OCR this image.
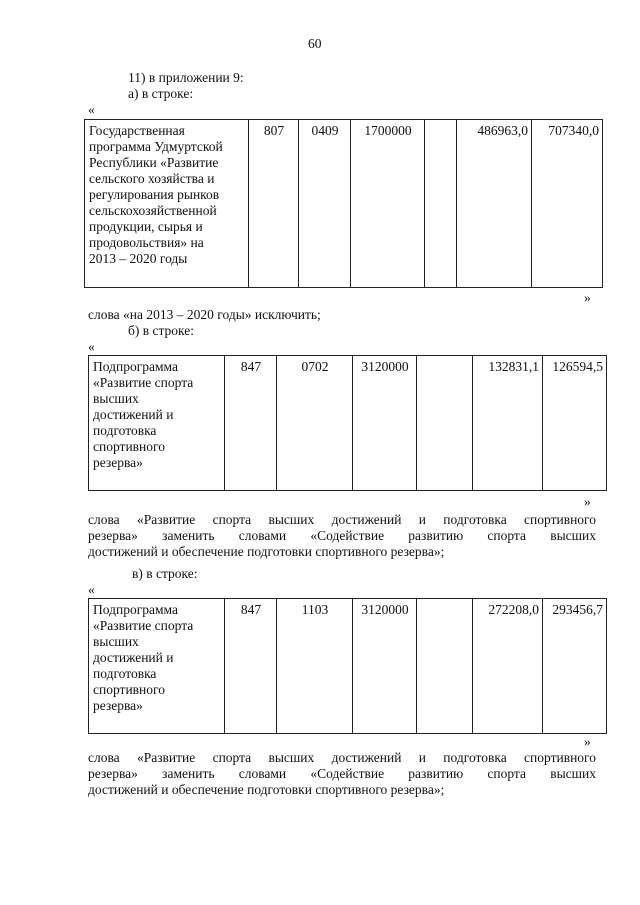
60
11) в приложении 9:
а) в строке:
«
Государственная
программа Удмуртской
Республики «Развитие
сельского хозяйства и
регулирования рынков
сельскохозяйственной
продукции, сырья и
продовольствия» на
2013 – 2020 годы
	807	0409	1700000		486963,0	707340,0
»
слова «на 2013 – 2020 годы» исключить;
б) в строке:
«
Подпрограмма
«Развитие спорта
высших
достижений и
подготовка
спортивного
резерва»
	847	0702	3120000		132831,1	126594,5
»
слова «Развитие спорта высших достижений и подготовка спортивного
резерва» заменить словами «Содействие развитию спорта высших
достижений и обеспечение подготовки спортивного резерва»;
в) в строке:
«
Подпрограмма
«Развитие спорта
высших
достижений и
подготовка
спортивного
резерва»
	847	1103	3120000		272208,0	293456,7
»
слова «Развитие спорта высших достижений и подготовка спортивного
резерва» заменить словами «Содействие развитию спорта высших
достижений и обеспечение подготовки спортивного резерва»;
